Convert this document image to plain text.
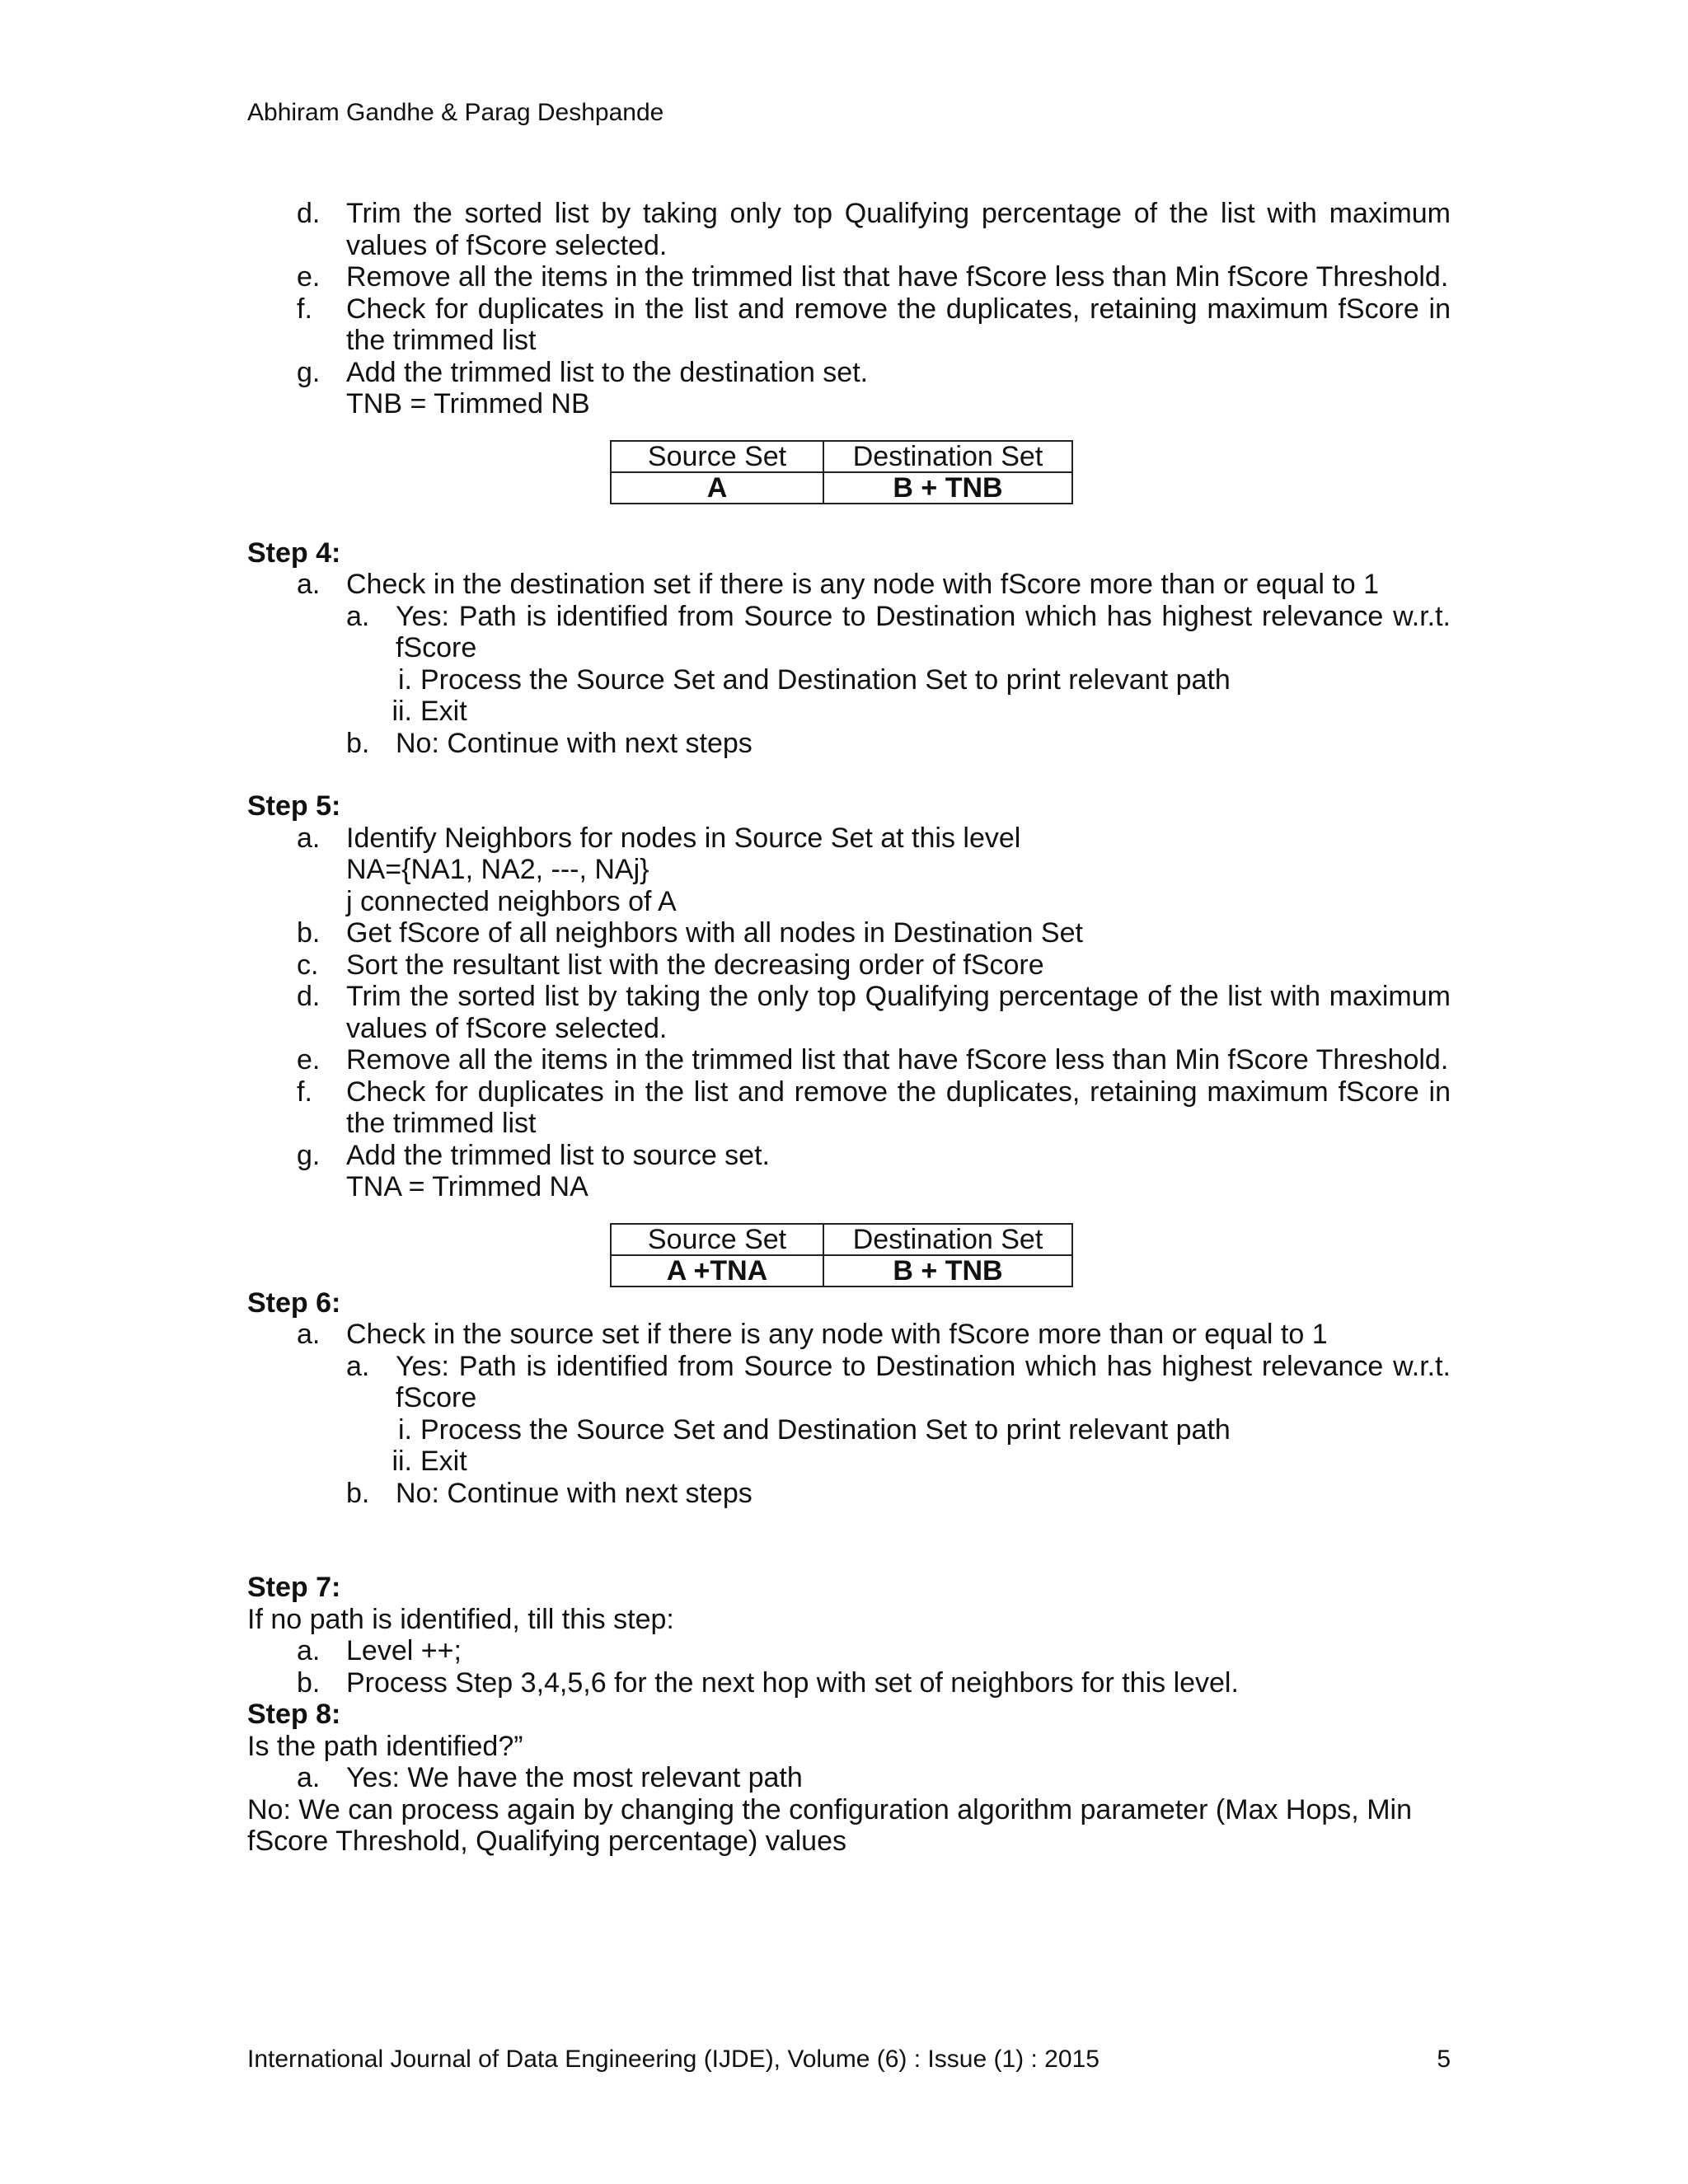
Abhiram Gandhe & Parag Deshpande
d. Trim the sorted list by taking only top Qualifying percentage of the list with maximum values of fScore selected.
e. Remove all the items in the trimmed list that have fScore less than Min fScore Threshold.
f. Check for duplicates in the list and remove the duplicates, retaining maximum fScore in the trimmed list
g. Add the trimmed list to the destination set.
TNB = Trimmed NB
Source Set	Destination Set
A	B + TNB
Step 4:
a. Check in the destination set if there is any node with fScore more than or equal to 1
a. Yes: Path is identified from Source to Destination which has highest relevance w.r.t. fScore
i. Process the Source Set and Destination Set to print relevant path
ii. Exit
b. No: Continue with next steps
Step 5:
a. Identify Neighbors for nodes in Source Set at this level
NA={NA1, NA2, ---, NAj}
j connected neighbors of A
b. Get fScore of all neighbors with all nodes in Destination Set
c. Sort the resultant list with the decreasing order of fScore
d. Trim the sorted list by taking the only top Qualifying percentage of the list with maximum values of fScore selected.
e. Remove all the items in the trimmed list that have fScore less than Min fScore Threshold.
f. Check for duplicates in the list and remove the duplicates, retaining maximum fScore in the trimmed list
g. Add the trimmed list to source set.
TNA = Trimmed NA
Source Set	Destination Set
A +TNA	B + TNB
Step 6:
a. Check in the source set if there is any node with fScore more than or equal to 1
a. Yes: Path is identified from Source to Destination which has highest relevance w.r.t. fScore
i. Process the Source Set and Destination Set to print relevant path
ii. Exit
b. No: Continue with next steps
Step 7:
If no path is identified, till this step:
a. Level ++;
b. Process Step 3,4,5,6 for the next hop with set of neighbors for this level.
Step 8:
Is the path identified?”
a. Yes: We have the most relevant path
No: We can process again by changing the configuration algorithm parameter (Max Hops, Min fScore Threshold, Qualifying percentage) values
International Journal of Data Engineering (IJDE), Volume (6) : Issue (1) : 2015	5
